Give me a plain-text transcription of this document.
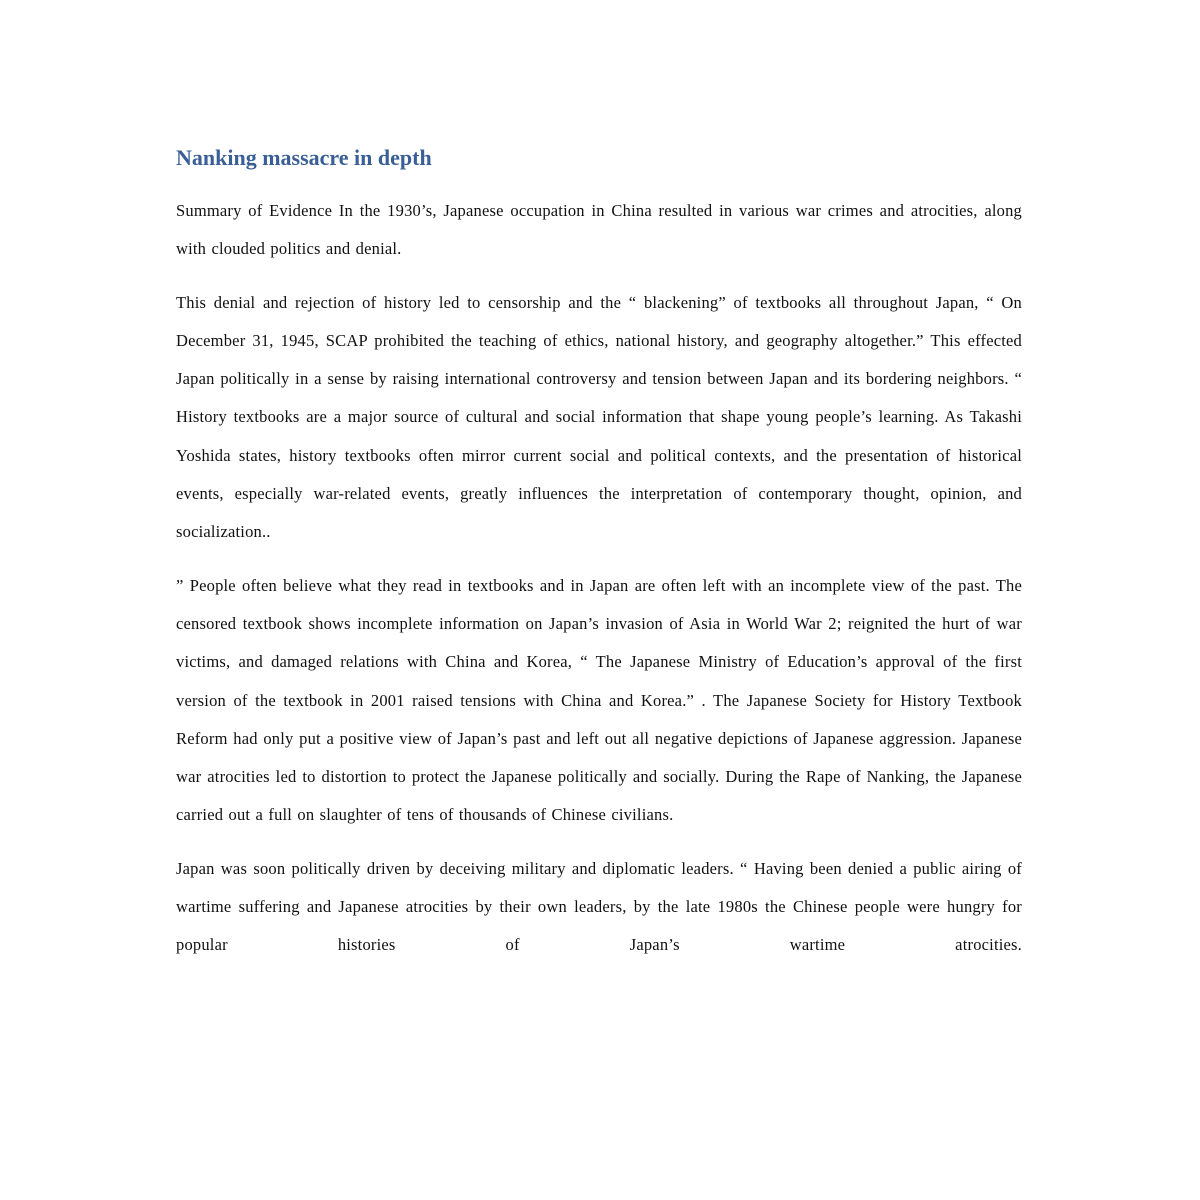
Nanking massacre in depth

Summary of Evidence In the 1930’s, Japanese occupation in China resulted in various war crimes and atrocities, along with clouded politics and denial.

This denial and rejection of history led to censorship and the “ blackening” of textbooks all throughout Japan, “ On December 31, 1945, SCAP prohibited the teaching of ethics, national history, and geography altogether.” This effected Japan politically in a sense by raising international controversy and tension between Japan and its bordering neighbors. “ History textbooks are a major source of cultural and social information that shape young people’s learning. As Takashi Yoshida states, history textbooks often mirror current social and political contexts, and the presentation of historical events, especially war-related events, greatly influences the interpretation of contemporary thought, opinion, and socialization..

” People often believe what they read in textbooks and in Japan are often left with an incomplete view of the past. The censored textbook shows incomplete information on Japan’s invasion of Asia in World War 2; reignited the hurt of war victims, and damaged relations with China and Korea, “ The Japanese Ministry of Education’s approval of the first version of the textbook in 2001 raised tensions with China and Korea.” . The Japanese Society for History Textbook Reform had only put a positive view of Japan’s past and left out all negative depictions of Japanese aggression. Japanese war atrocities led to distortion to protect the Japanese politically and socially. During the Rape of Nanking, the Japanese carried out a full on slaughter of tens of thousands of Chinese civilians.

Japan was soon politically driven by deceiving military and diplomatic leaders. “ Having been denied a public airing of wartime suffering and Japanese atrocities by their own leaders, by the late 1980s the Chinese people were hungry for popular histories of Japan’s wartime atrocities.
